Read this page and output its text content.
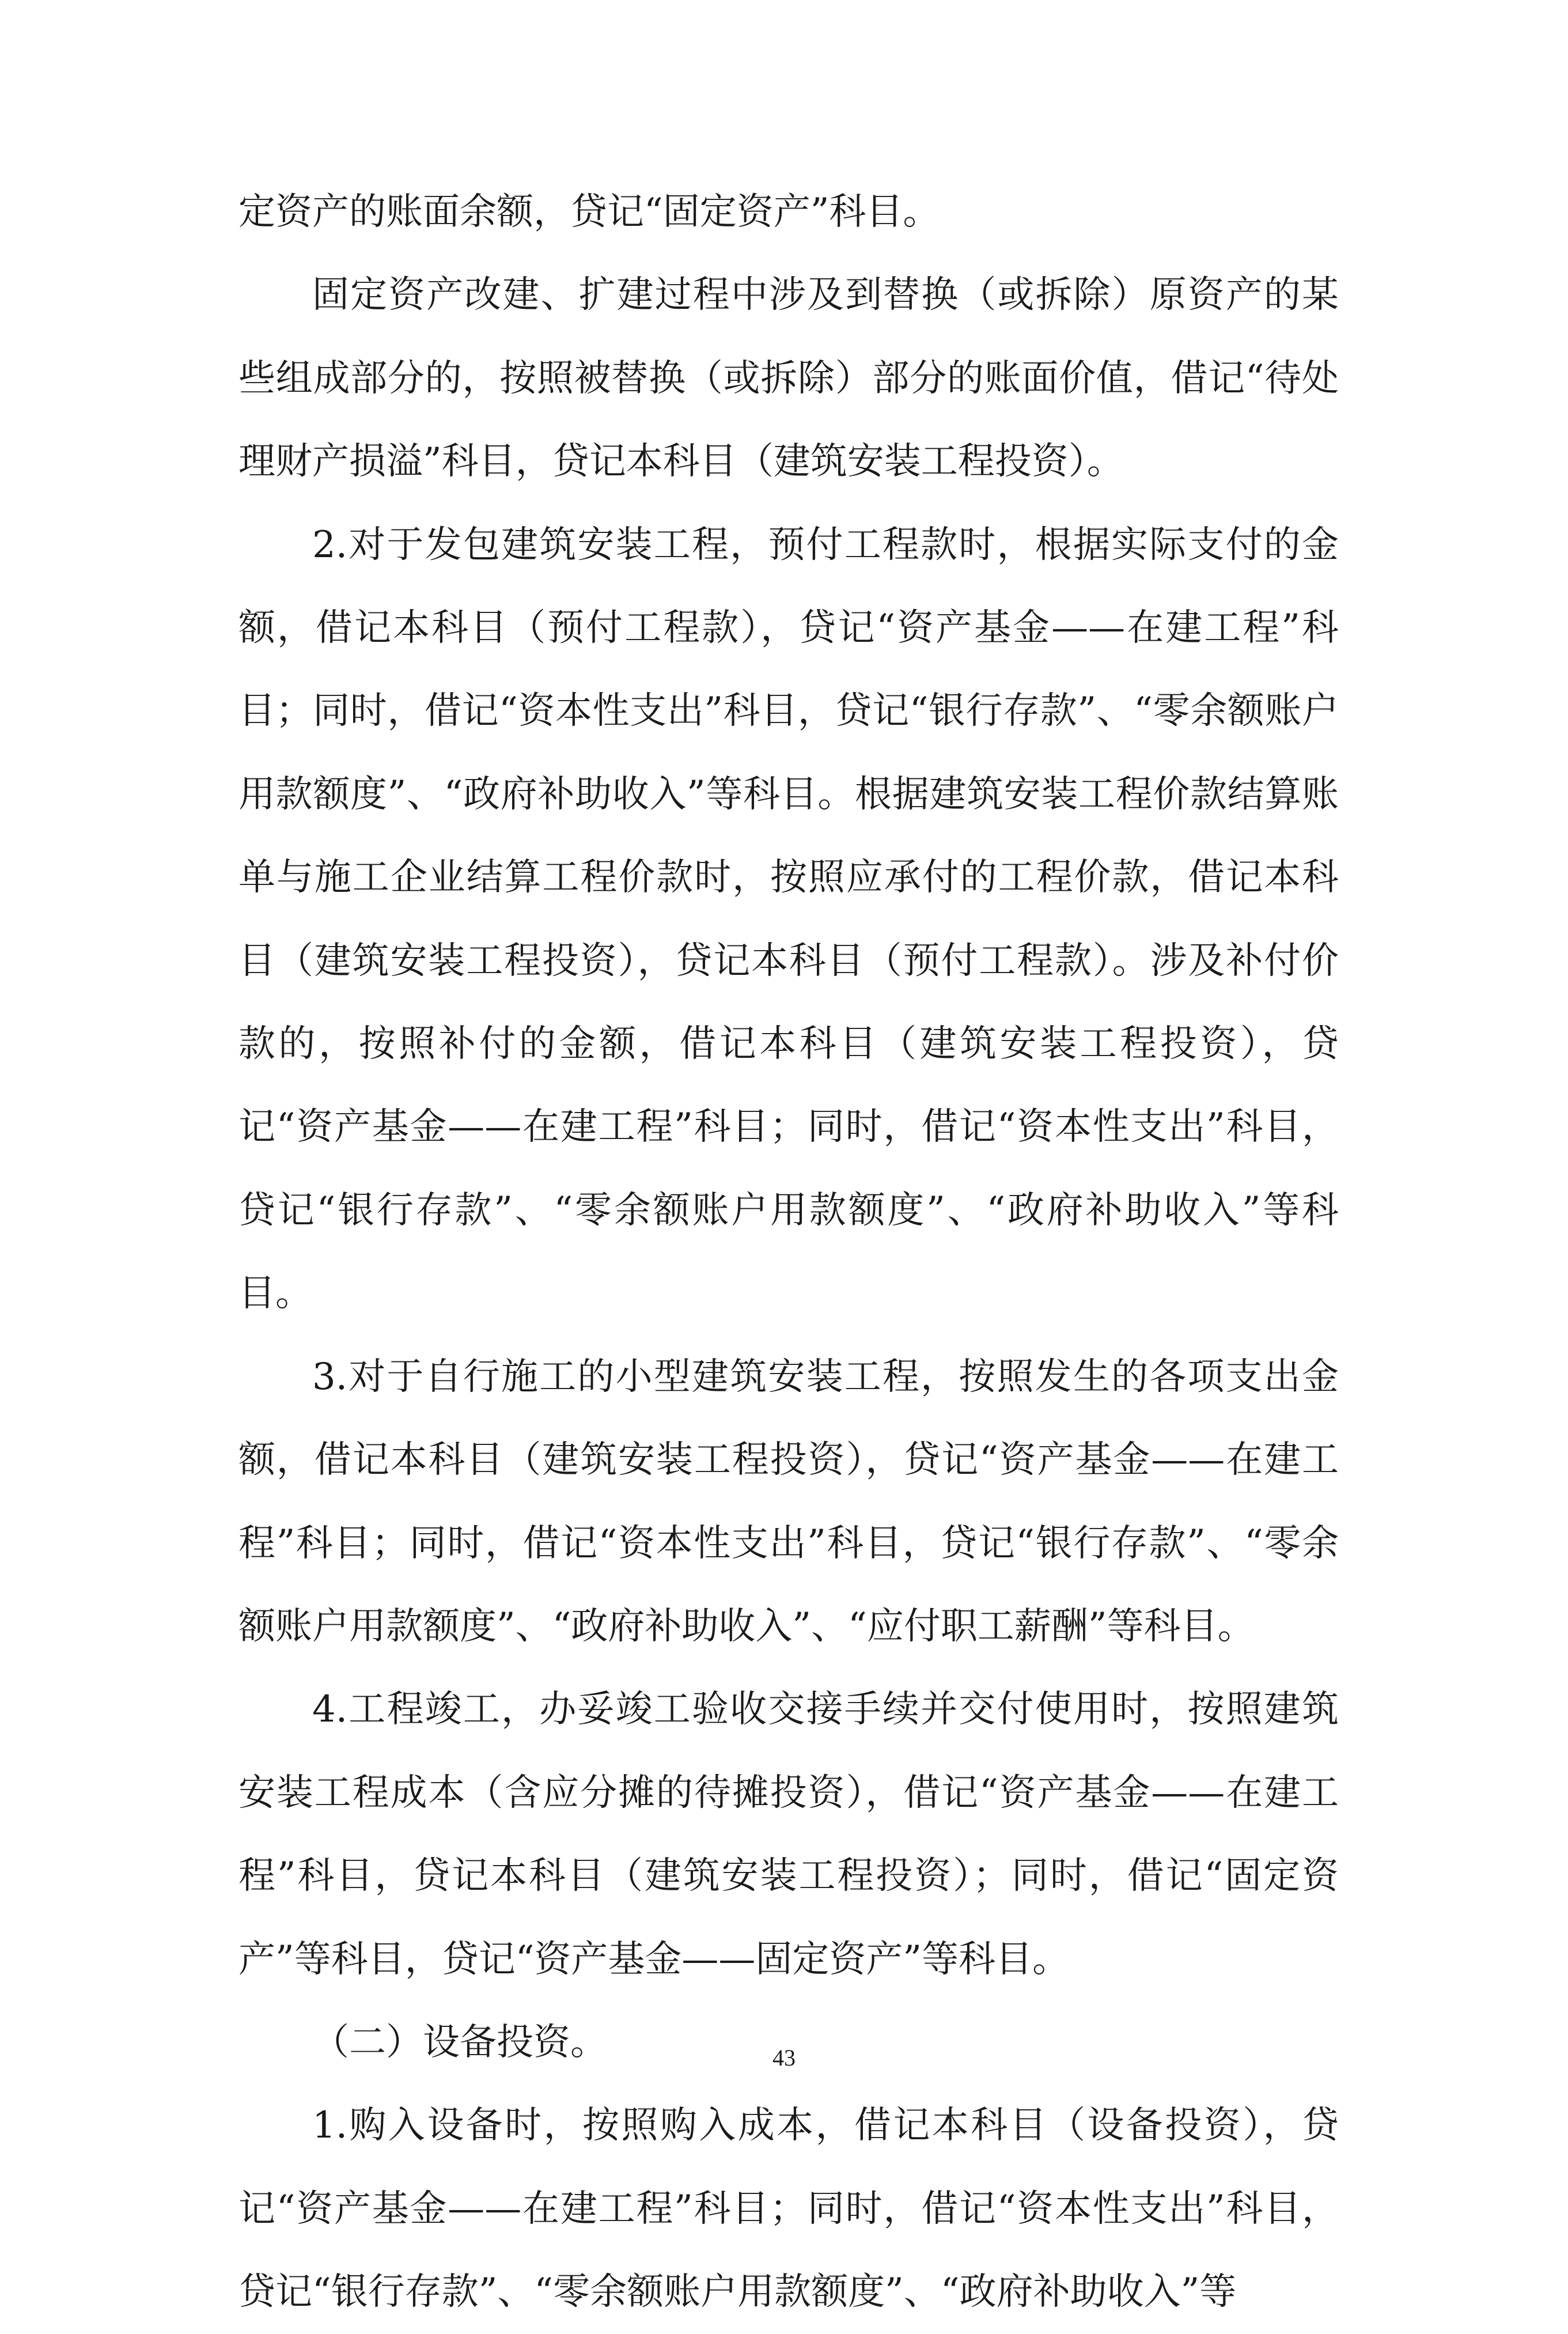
定资产的账面余额，贷记“固定资产”科目。

固定资产改建、扩建过程中涉及到替换（或拆除）原资产的某些组成部分的，按照被替换（或拆除）部分的账面价值，借记“待处理财产损溢”科目，贷记本科目（建筑安装工程投资）。

2.对于发包建筑安装工程，预付工程款时，根据实际支付的金额，借记本科目（预付工程款），贷记“资产基金——在建工程”科目；同时，借记“资本性支出”科目，贷记“银行存款”、“零余额账户用款额度”、“政府补助收入”等科目。根据建筑安装工程价款结算账单与施工企业结算工程价款时，按照应承付的工程价款，借记本科目（建筑安装工程投资），贷记本科目（预付工程款）。涉及补付价款的，按照补付的金额，借记本科目（建筑安装工程投资），贷记“资产基金——在建工程”科目；同时，借记“资本性支出”科目，贷记“银行存款”、“零余额账户用款额度”、“政府补助收入”等科目。

3.对于自行施工的小型建筑安装工程，按照发生的各项支出金额，借记本科目（建筑安装工程投资），贷记“资产基金——在建工程”科目；同时，借记“资本性支出”科目，贷记“银行存款”、“零余额账户用款额度”、“政府补助收入”、“应付职工薪酬”等科目。

4.工程竣工，办妥竣工验收交接手续并交付使用时，按照建筑安装工程成本（含应分摊的待摊投资），借记“资产基金——在建工程”科目，贷记本科目（建筑安装工程投资）；同时，借记“固定资产”等科目，贷记“资产基金——固定资产”等科目。

（二）设备投资。

1.购入设备时，按照购入成本，借记本科目（设备投资），贷记“资产基金——在建工程”科目；同时，借记“资本性支出”科目，贷记“银行存款”、“零余额账户用款额度”、“政府补助收入”等

43
